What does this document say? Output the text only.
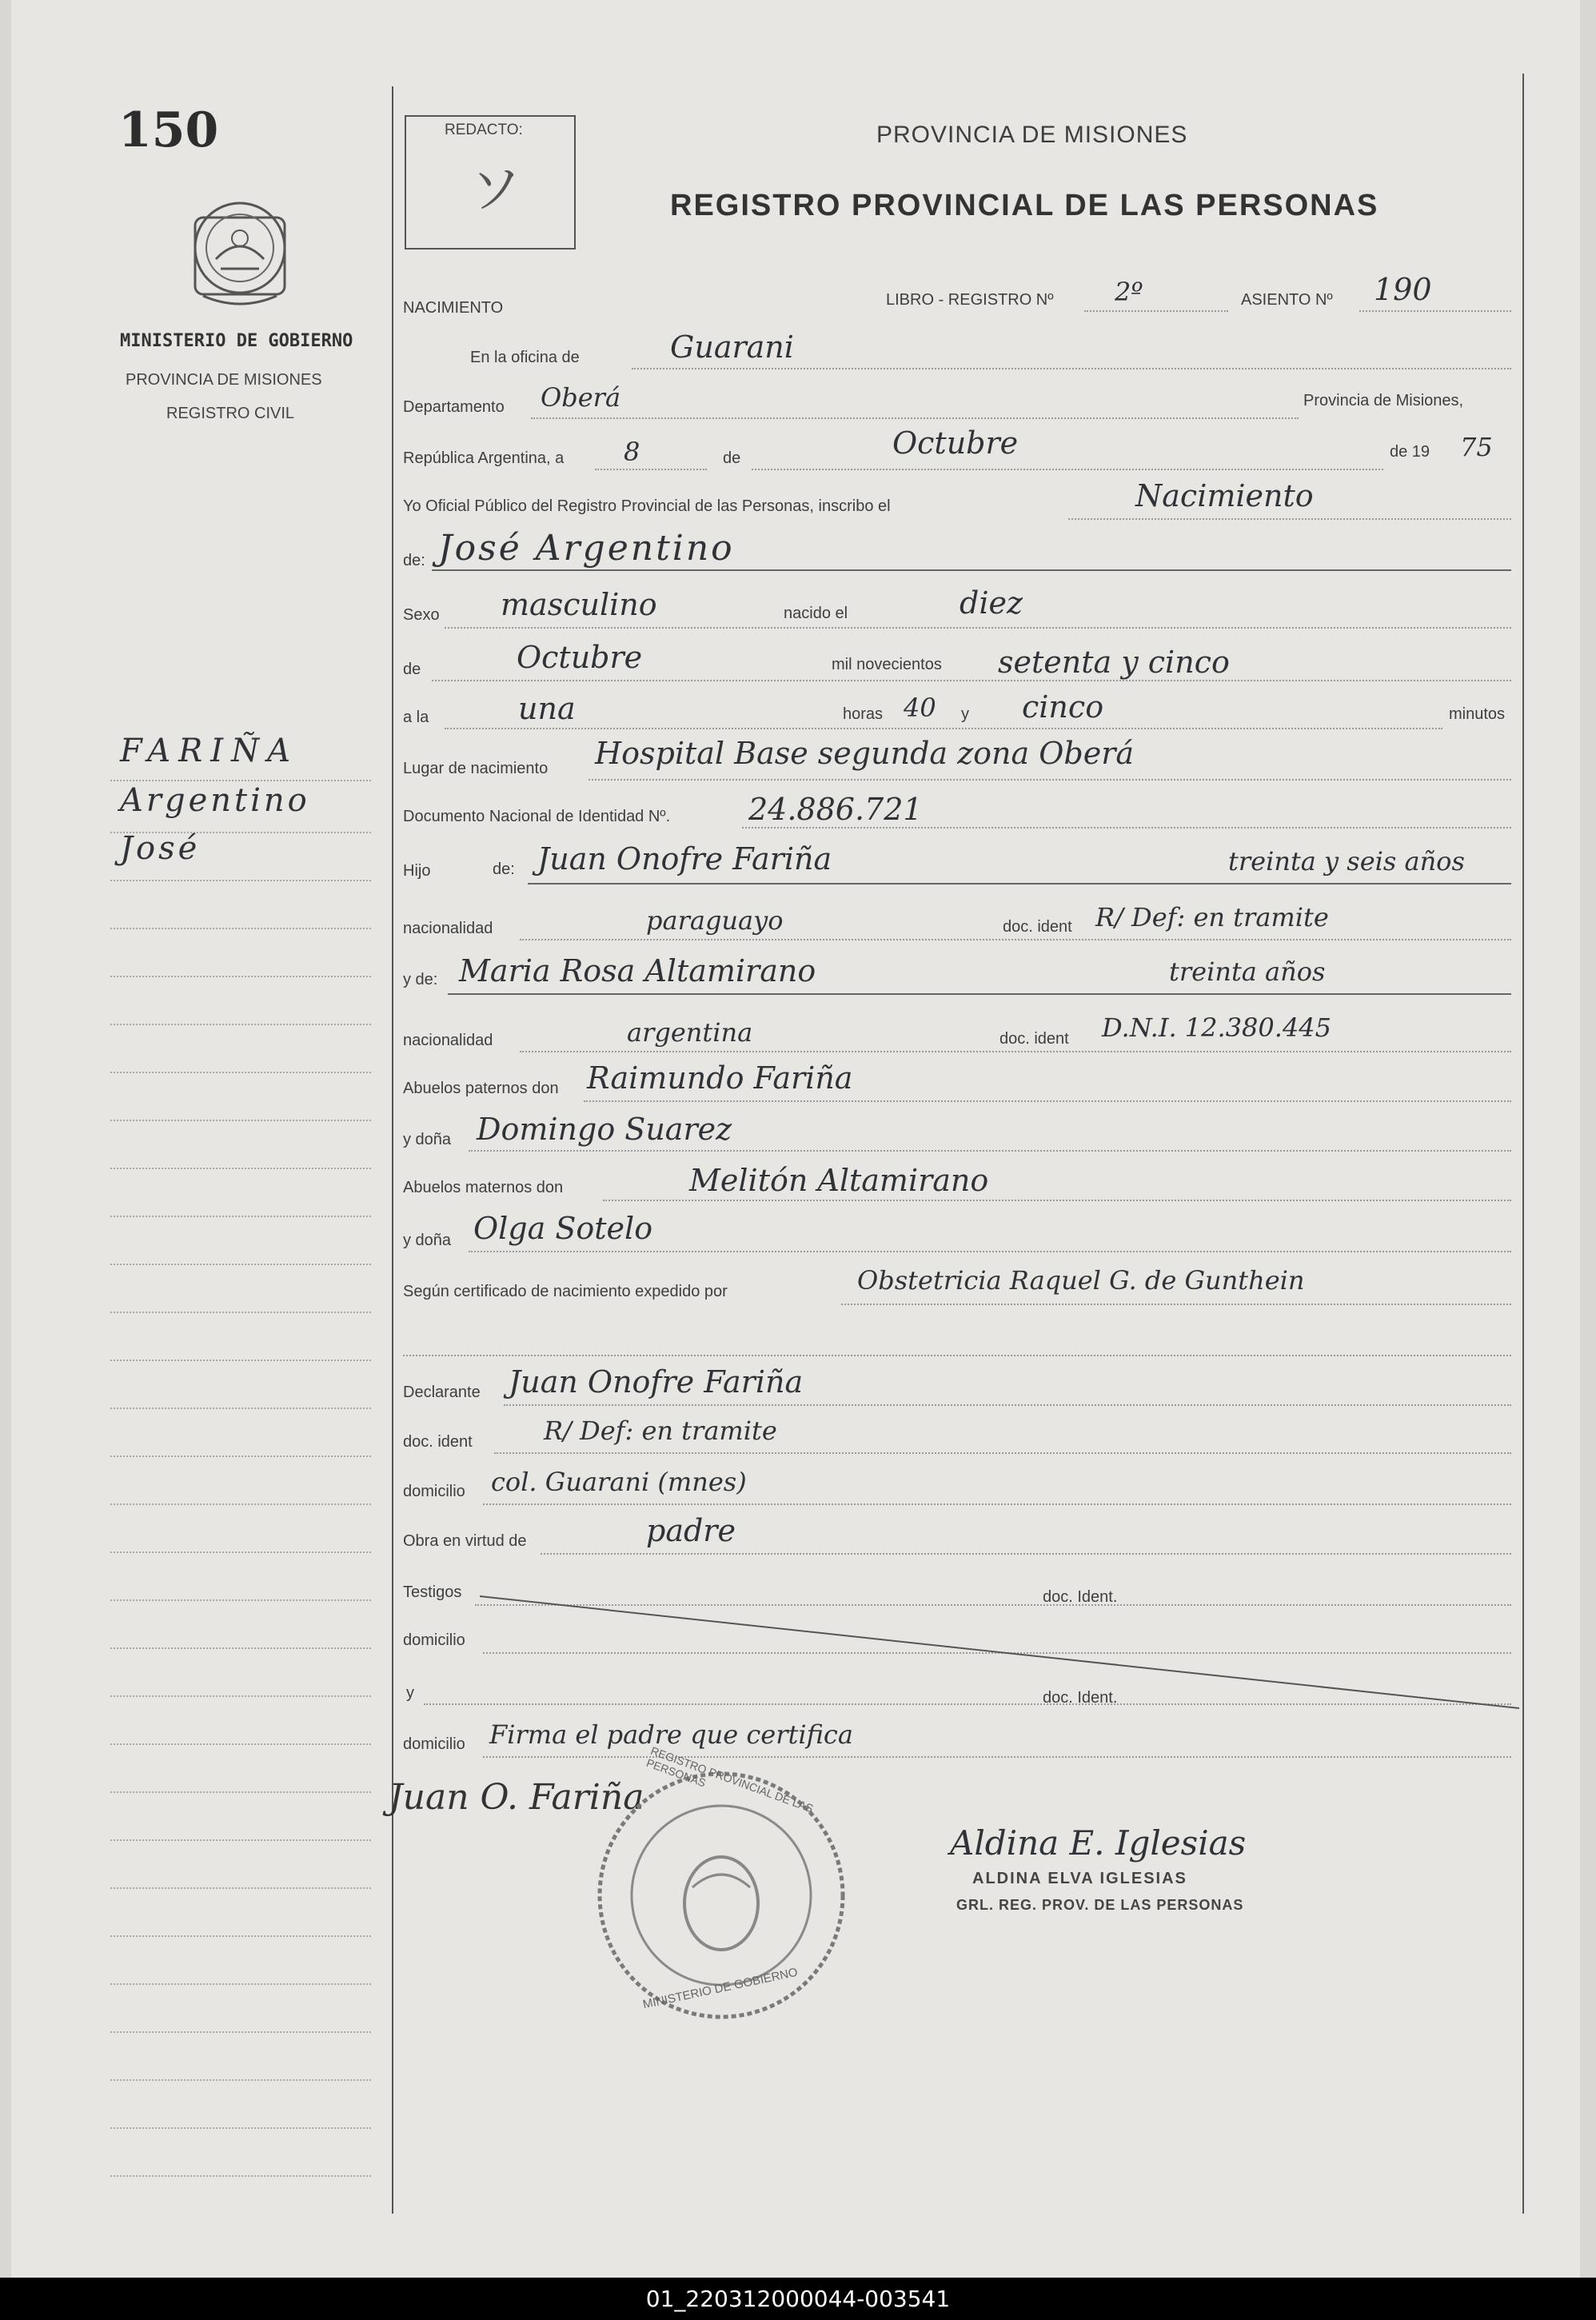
150
MINISTERIO DE GOBIERNO
PROVINCIA DE MISIONES
REGISTRO CIVIL
FARIÑA
Argentino
José
REDACTO:
ソ
PROVINCIA DE MISIONES
REGISTRO PROVINCIAL DE LAS PERSONAS
NACIMIENTO	LIBRO - REGISTRO Nº 2º	ASIENTO Nº 190
En la oficina de	Guarani
Departamento Oberá	Provincia de Misiones,
República Argentina, a 8	de	Octubre	de 19 75
Yo Oficial Público del Registro Provincial de las Personas, inscribo el	Nacimiento
de: José Argentino
Sexo masculino	nacido el	diez
de	Octubre	mil novecientos setenta y cinco
a la	una	horas 40 y cinco	minutos
Lugar de nacimiento Hospital Base segunda zona Oberá
Documento Nacional de Identidad Nº.	24.886.721
Hijo	de: Juan Onofre Fariña	treinta y seis años
nacionalidad	paraguayo	doc. ident R/ Def: en tramite
y de: Maria Rosa Altamirano	treinta años
nacionalidad	argentina	doc. ident D.N.I. 12.380.445
Abuelos paternos don Raimundo Fariña
y doña Domingo Suarez
Abuelos maternos don	Melitón Altamirano
y doña Olga Sotelo
Según certificado de nacimiento expedido por	Obstetricia Raquel G. de Gunthein
Declarante Juan Onofre Fariña
doc. ident	R/ Def: en tramite
domicilio col. Guarani (mnes)
Obra en virtud de	padre
Testigos	doc. Ident.
domicilio
y	doc. Ident.
domicilio Firma el padre que certifica
Juan O. Fariña REGISTRO PROVINCIAL DE LAS PERSONAS
MINISTERIO DE GOBIERNO
Aldina E. Iglesias
ALDINA ELVA IGLESIAS
GRL. REG. PROV. DE LAS PERSONAS
01_220312000044-003541
